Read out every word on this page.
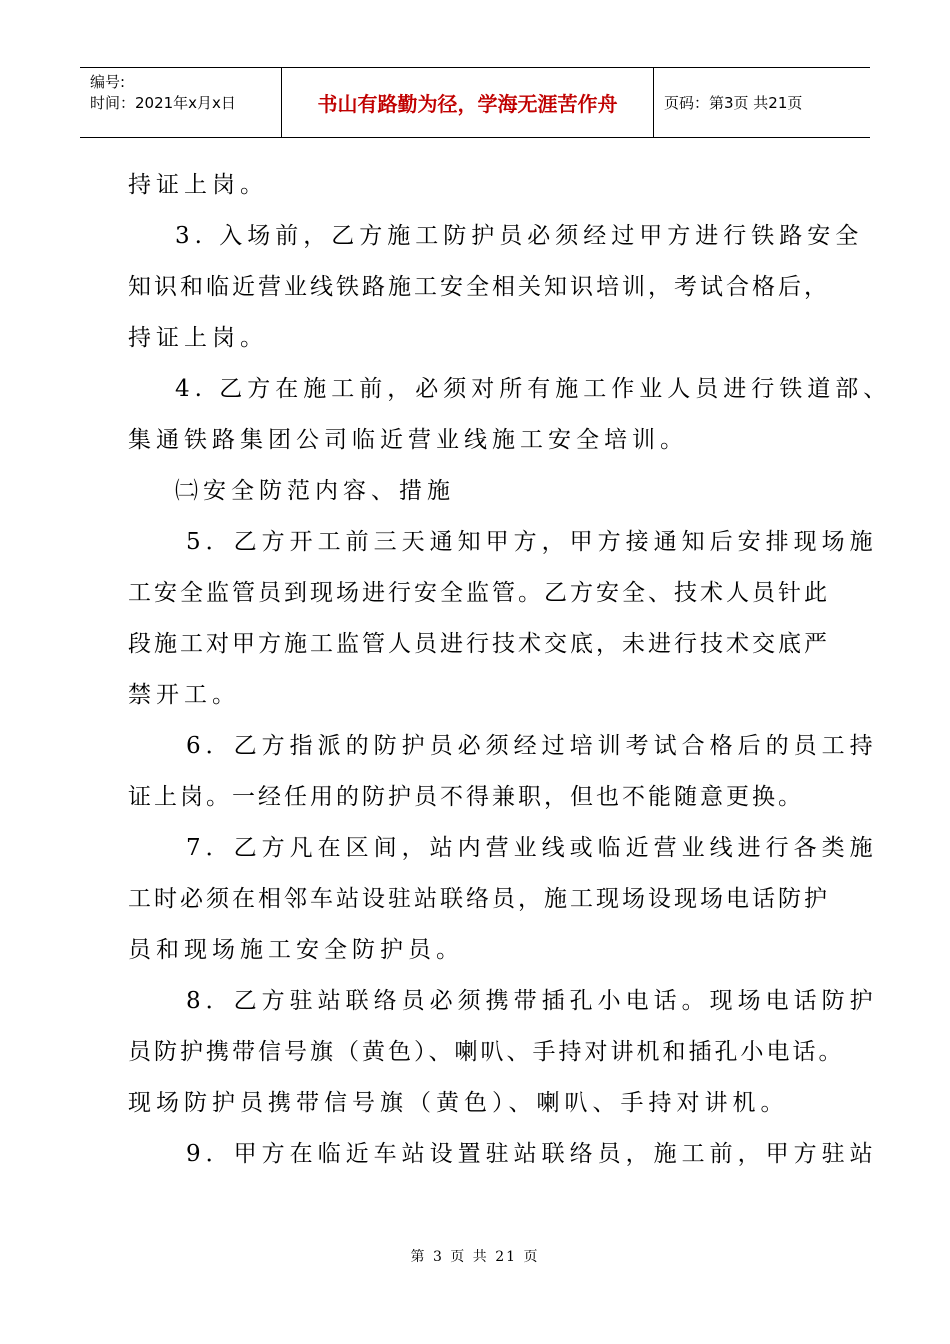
编号:
时间：2021年x月x日	书山有路勤为径，学海无涯苦作舟	页码：第3页 共21页
持证上岗。
3. 入场前，乙方施工防护员必须经过甲方进行铁路安全
知识和临近营业线铁路施工安全相关知识培训，考试合格后，
持证上岗。
4. 乙方在施工前，必须对所有施工作业人员进行铁道部、
集通铁路集团公司临近营业线施工安全培训。
㈡安全防范内容、措施
5．乙方开工前三天通知甲方，甲方接通知后安排现场施
工安全监管员到现场进行安全监管。乙方安全、技术人员针此
段施工对甲方施工监管人员进行技术交底，未进行技术交底严
禁开工。
6．乙方指派的防护员必须经过培训考试合格后的员工持
证上岗。一经任用的防护员不得兼职，但也不能随意更换。
7．乙方凡在区间，站内营业线或临近营业线进行各类施
工时必须在相邻车站设驻站联络员，施工现场设现场电话防护
员和现场施工安全防护员。
8．乙方驻站联络员必须携带插孔小电话。现场电话防护
员防护携带信号旗（黄色）、喇叭、手持对讲机和插孔小电话。
现场防护员携带信号旗（黄色）、喇叭、手持对讲机。
9．甲方在临近车站设置驻站联络员，施工前，甲方驻站
第 3 页 共 21 页
